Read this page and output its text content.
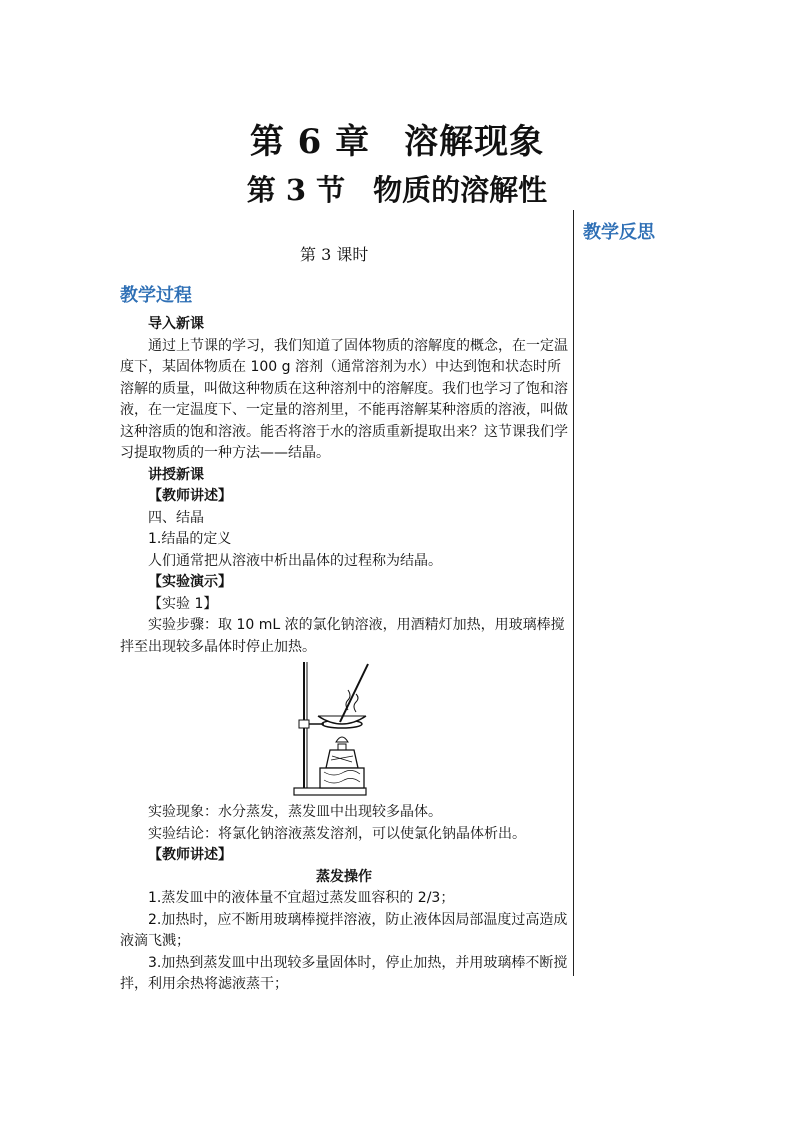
第 6 章 溶解现象
第 3 节 物质的溶解性
教学反思
第 3 课时
教学过程

导入新课

通过上节课的学习，我们知道了固体物质的溶解度的概念，在一定温度下，某固体物质在 100 g 溶剂（通常溶剂为水）中达到饱和状态时所溶解的质量，叫做这种物质在这种溶剂中的溶解度。我们也学习了饱和溶液，在一定温度下、一定量的溶剂里，不能再溶解某种溶质的溶液，叫做这种溶质的饱和溶液。能否将溶于水的溶质重新提取出来？这节课我们学习提取物质的一种方法——结晶。

讲授新课

【教师讲述】

四、结晶

1.结晶的定义

人们通常把从溶液中析出晶体的过程称为结晶。

【实验演示】

【实验 1】

实验步骤：取 10 mL 浓的氯化钠溶液，用酒精灯加热，用玻璃棒搅拌至出现较多晶体时停止加热。

实验现象：水分蒸发，蒸发皿中出现较多晶体。

实验结论：将氯化钠溶液蒸发溶剂，可以使氯化钠晶体析出。

【教师讲述】

蒸发操作

1.蒸发皿中的液体量不宜超过蒸发皿容积的 2/3；

2.加热时，应不断用玻璃棒搅拌溶液，防止液体因局部温度过高造成液滴飞溅；

3.加热到蒸发皿中出现较多量固体时，停止加热，并用玻璃棒不断搅拌，利用余热将滤液蒸干；
